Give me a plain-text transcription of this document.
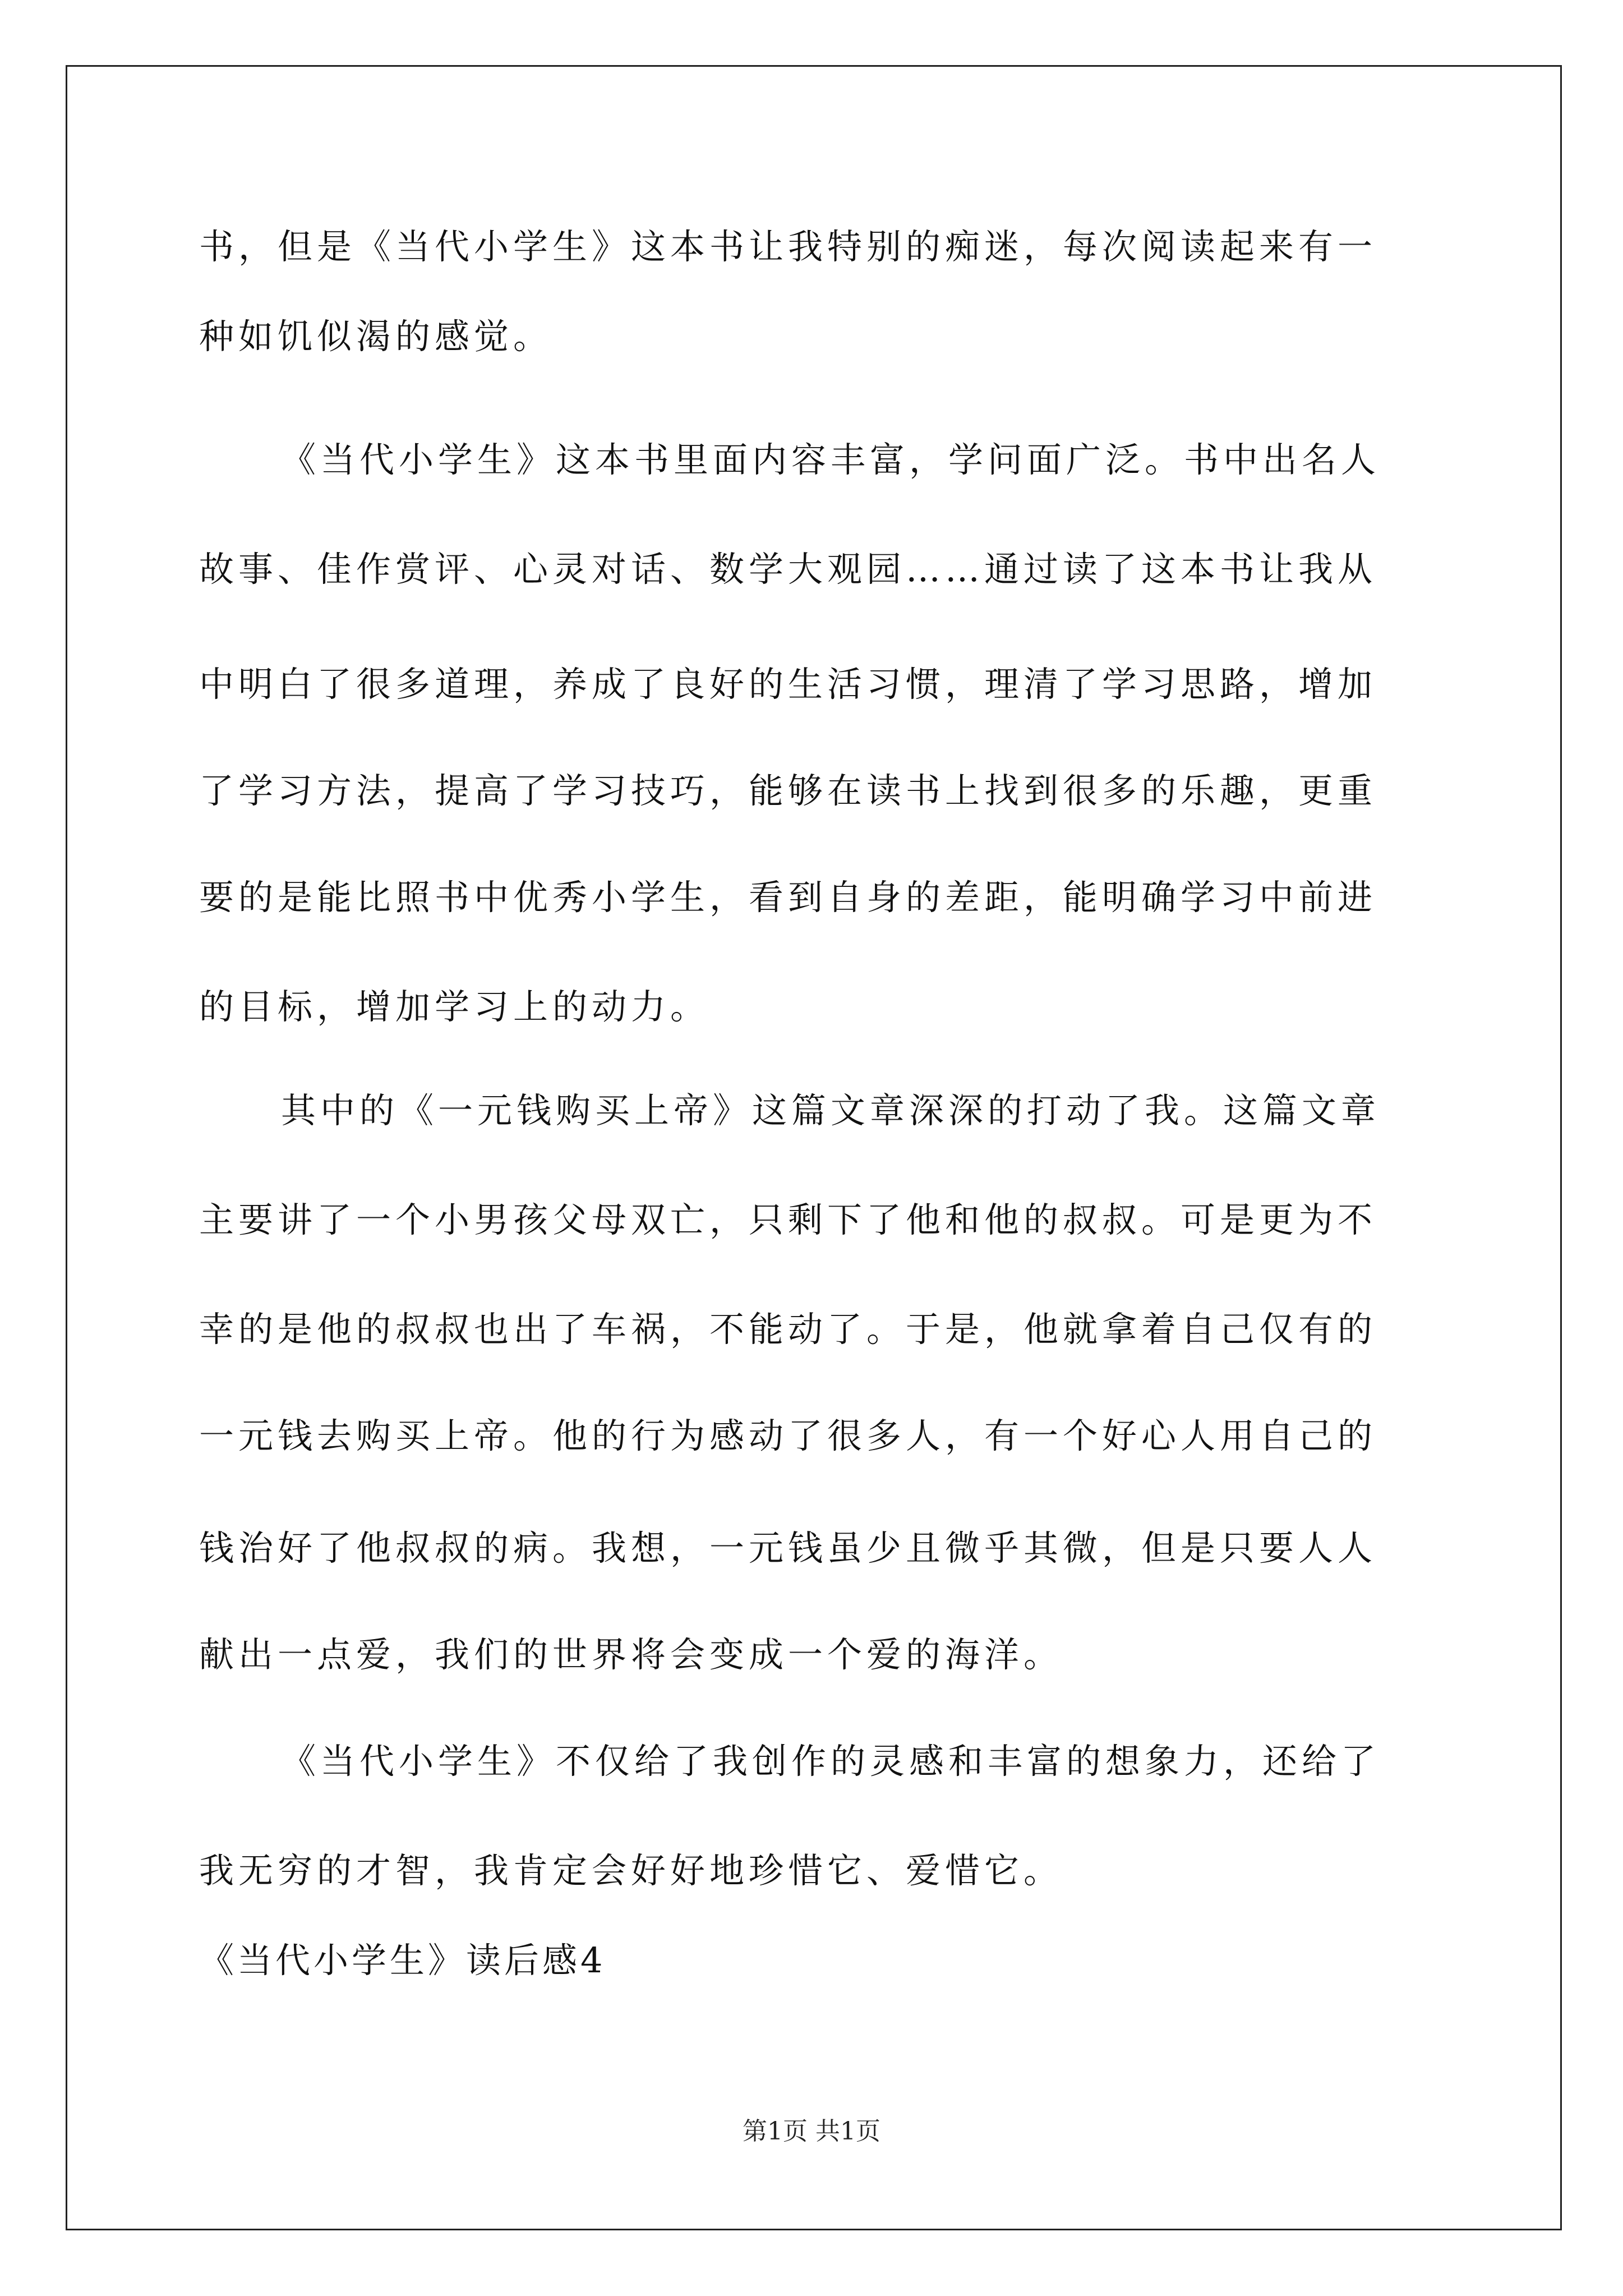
书，但是《当代小学生》这本书让我特别的痴迷，每次阅读起来有一
种如饥似渴的感觉。
《当代小学生》这本书里面内容丰富，学问面广泛。书中出名人
故事、佳作赏评、心灵对话、数学大观园……通过读了这本书让我从
中明白了很多道理，养成了良好的生活习惯，理清了学习思路，增加
了学习方法，提高了学习技巧，能够在读书上找到很多的乐趣，更重
要的是能比照书中优秀小学生，看到自身的差距，能明确学习中前进
的目标，增加学习上的动力。
其中的《一元钱购买上帝》这篇文章深深的打动了我。这篇文章
主要讲了一个小男孩父母双亡，只剩下了他和他的叔叔。可是更为不
幸的是他的叔叔也出了车祸，不能动了。于是，他就拿着自己仅有的
一元钱去购买上帝。他的行为感动了很多人，有一个好心人用自己的
钱治好了他叔叔的病。我想，一元钱虽少且微乎其微，但是只要人人
献出一点爱，我们的世界将会变成一个爱的海洋。
《当代小学生》不仅给了我创作的灵感和丰富的想象力，还给了
我无穷的才智，我肯定会好好地珍惜它、爱惜它。
《当代小学生》读后感4
第1页 共1页
